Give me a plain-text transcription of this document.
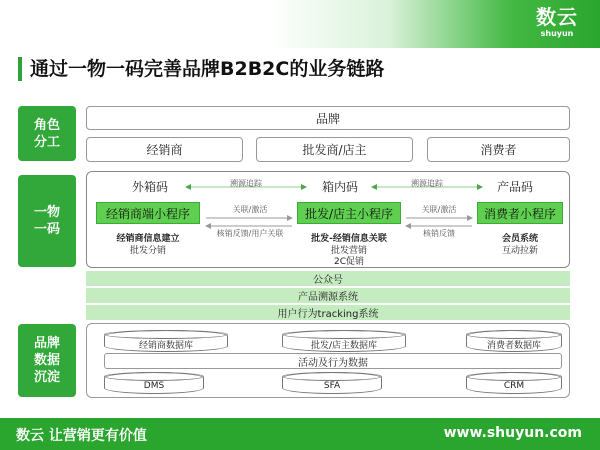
数云
shuyun
通过一物一码完善品牌B2B2C的业务链路
角色
分工
品牌
经销商	批发商/店主	消费者
一物
一码
外箱码	箱内码	产品码
溯源追踪	溯源追踪
经销商端小程序	批发/店主小程序	消费者小程序
关联/激活
核销反馈/用户关联
关联/激活
核销反馈
经销商信息建立
批发分销
批发-经销信息关联
批发营销
2C促销
会员系统
互动拉新
公众号
产品溯源系统
用户行为tracking系统
品牌
数据
沉淀
经销商数据库	批发/店主数据库	消费者数据库
活动及行为数据
DMS	SFA	CRM
数云 让营销更有价值	www.shuyun.com
